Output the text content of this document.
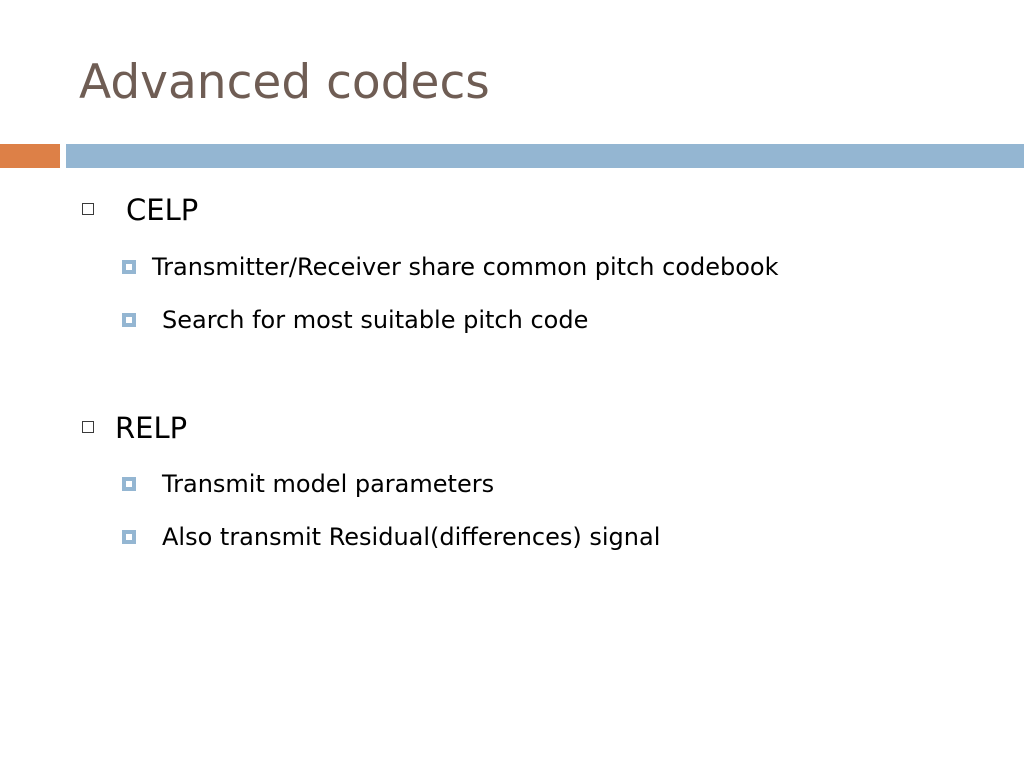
Advanced codecs
CELP
Transmitter/Receiver share common pitch codebook
Search for most suitable pitch code
RELP
Transmit model parameters
Also transmit Residual(differences) signal
